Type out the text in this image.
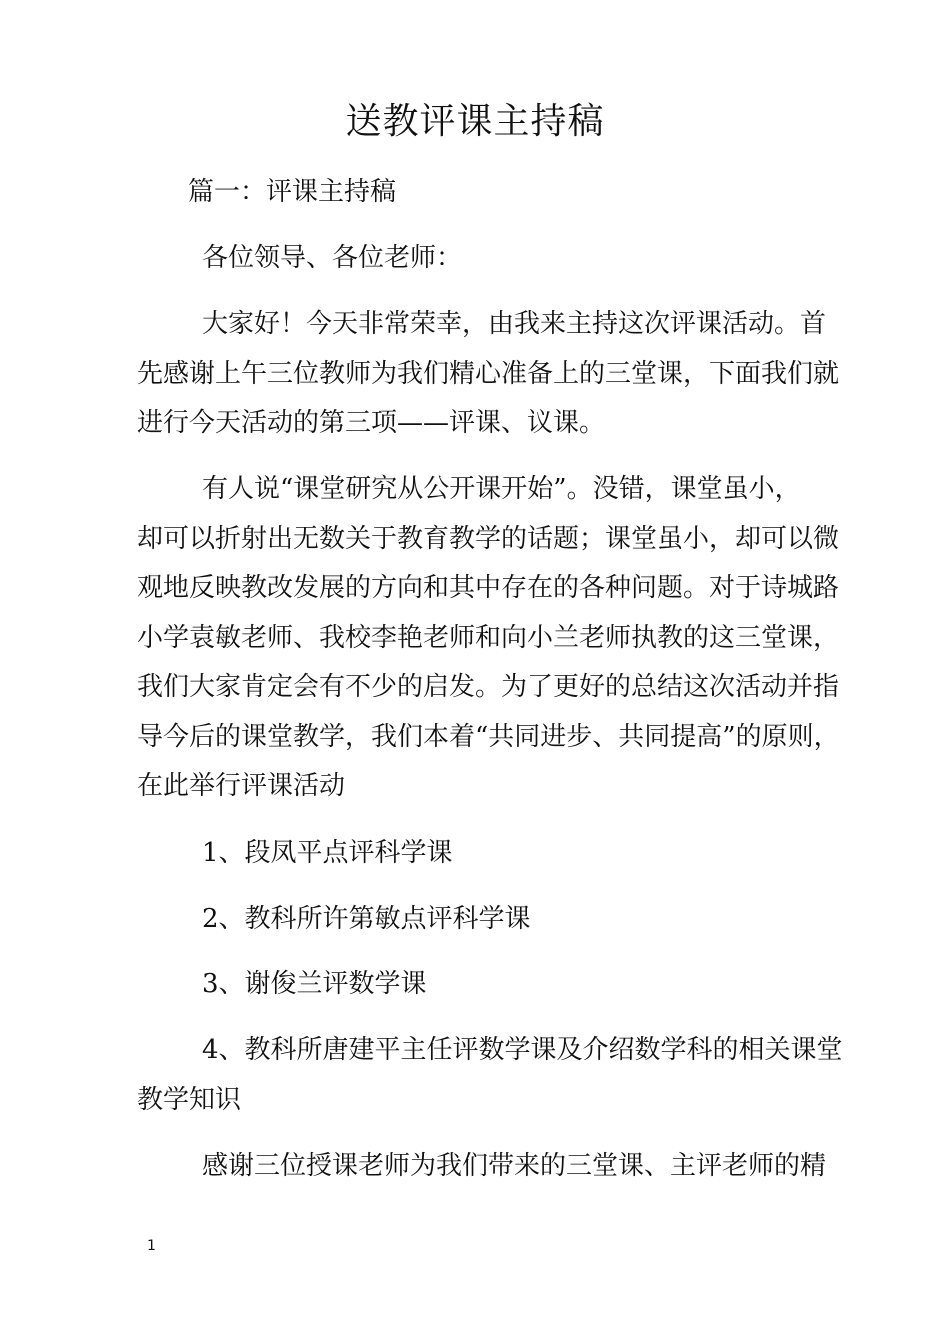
送教评课主持稿
篇一：评课主持稿
各位领导、各位老师：
大家好！今天非常荣幸，由我来主持这次评课活动。首
先感谢上午三位教师为我们精心准备上的三堂课，下面我们就
进行今天活动的第三项——评课、议课。
有人说“课堂研究从公开课开始”。没错，课堂虽小，
却可以折射出无数关于教育教学的话题；课堂虽小，却可以微
观地反映教改发展的方向和其中存在的各种问题。对于诗城路
小学袁敏老师、我校李艳老师和向小兰老师执教的这三堂课，
我们大家肯定会有不少的启发。为了更好的总结这次活动并指
导今后的课堂教学，我们本着“共同进步、共同提高”的原则，
在此举行评课活动
1、段凤平点评科学课
2、教科所许第敏点评科学课
3、谢俊兰评数学课
4、教科所唐建平主任评数学课及介绍数学科的相关课堂
教学知识
感谢三位授课老师为我们带来的三堂课、主评老师的精
1
